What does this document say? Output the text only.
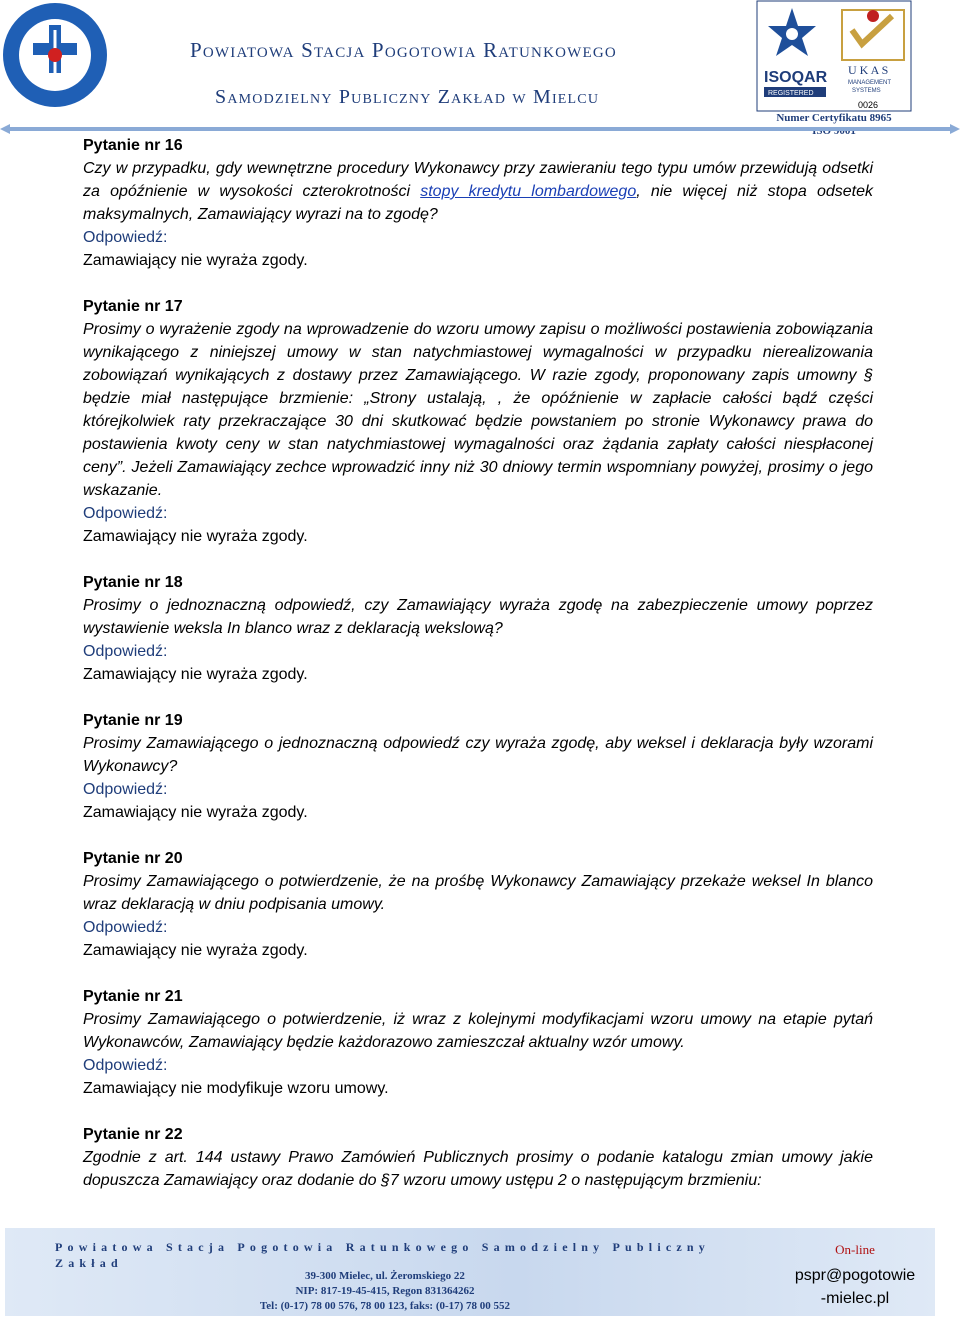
Powiatowa Stacja Pogotowia Ratunkowego
Samodzielny Publiczny Zakład w Mielcu
ISOQAR
REGISTERED
U K A S
MANAGEMENT
SYSTEMS
0026
Numer Certyfikatu 8965
Pytanie nr 16
Czy w przypadku, gdy wewnętrzne procedury Wykonawcy przy zawieraniu tego typu umów przewidują odsetki za opóźnienie w wysokości czterokrotności stopy kredytu lombardowego, nie więcej niż stopa odsetek maksymalnych, Zamawiający wyrazi na to zgodę?
Odpowiedź:
Zamawiający nie wyraża zgody.
Pytanie nr 17
Prosimy o wyrażenie zgody na wprowadzenie do wzoru umowy zapisu o możliwości postawienia zobowiązania wynikającego z niniejszej umowy w stan natychmiastowej wymagalności w przypadku nierealizowania zobowiązań wynikających z dostawy przez Zamawiającego. W razie zgody, proponowany zapis umowny § będzie miał następujące brzmienie: „Strony ustalają, , że opóźnienie w zapłacie całości bądź części którejkolwiek raty przekraczające 30 dni skutkować będzie powstaniem po stronie Wykonawcy prawa do postawienia kwoty ceny w stan natychmiastowej wymagalności oraz żądania zapłaty całości niespłaconej ceny”. Jeżeli Zamawiający zechce wprowadzić inny niż 30 dniowy termin wspomniany powyżej, prosimy o jego wskazanie.
Odpowiedź:
Zamawiający nie wyraża zgody.
Pytanie nr 18
Prosimy o jednoznaczną odpowiedź, czy Zamawiający wyraża zgodę na zabezpieczenie umowy poprzez wystawienie weksla In blanco wraz z deklaracją wekslową?
Odpowiedź:
Zamawiający nie wyraża zgody.
Pytanie nr 19
Prosimy Zamawiającego o jednoznaczną odpowiedź czy wyraża zgodę, aby weksel i deklaracja były wzorami Wykonawcy?
Odpowiedź:
Zamawiający nie wyraża zgody.
Pytanie nr 20
Prosimy Zamawiającego o potwierdzenie, że na prośbę Wykonawcy Zamawiający przekaże weksel In blanco wraz deklaracją w dniu podpisania umowy.
Odpowiedź:
Zamawiający nie wyraża zgody.
Pytanie nr 21
Prosimy Zamawiającego o potwierdzenie, iż wraz z kolejnymi modyfikacjami wzoru umowy na etapie pytań Wykonawców, Zamawiający będzie każdorazowo zamieszczał aktualny wzór umowy.
Odpowiedź:
Zamawiający nie modyfikuje wzoru umowy.
Pytanie nr 22
Zgodnie z art. 144 ustawy Prawo Zamówień Publicznych prosimy o podanie katalogu zmian umowy jakie dopuszcza Zamawiający oraz dodanie do §7 wzoru umowy ustępu 2 o następującym brzmieniu:
Powiatowa Stacja Pogotowia Ratunkowego Samodzielny Publiczny
Zakład
39-300 Mielec, ul. Żeromskiego 22
NIP: 817-19-45-415, Regon 831364262
Tel: (0-17) 78 00 576, 78 00 123, faks: (0-17) 78 00 552
On-line
pspr@pogotowie
-mielec.pl
